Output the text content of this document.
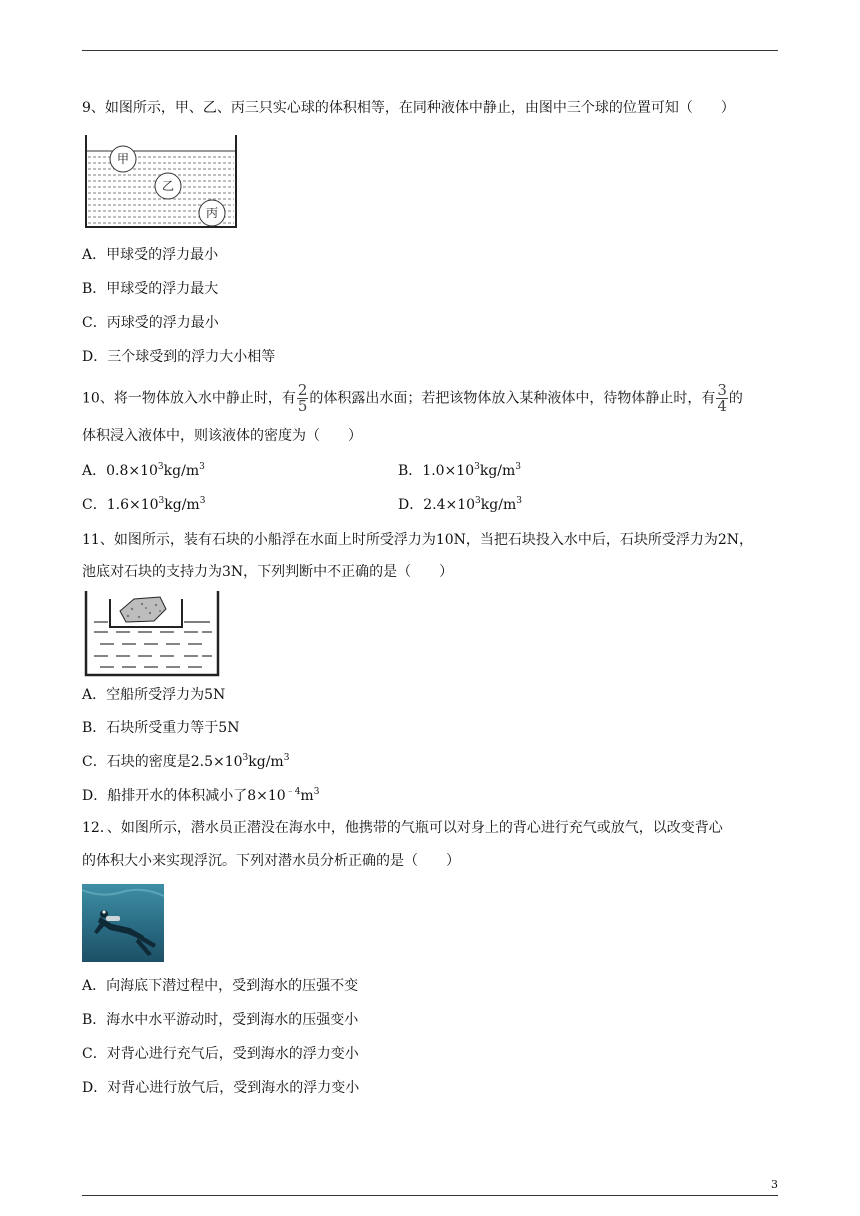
9、如图所示，甲、乙、丙三只实心球的体积相等，在同种液体中静止，由图中三个球的位置可知（　　）
甲
乙
丙
A．甲球受的浮力最小
B．甲球受的浮力最大
C．丙球受的浮力最小
D．三个球受到的浮力大小相等
10、将一物体放入水中静止时，有 $\frac{2}{5}$ 的体积露出水面；若把该物体放入某种液体中，待物体静止时，有 $\frac{3}{4}$ 的
体积浸入液体中，则该液体的密度为（　　）
A．$0.8\times 10^3kg/m^3$	B．$1.0\times 10^3kg/m^3$
C．$1.6\times 10^3kg/m^3$	D．$2.4\times 10^3kg/m^3$
11、如图所示，装有石块的小船浮在水面上时所受浮力为10N，当把石块投入水中后，石块所受浮力为2N，
池底对石块的支持力为3N，下列判断中不正确的是（　　）
A．空船所受浮力为5N
B．石块所受重力等于5N
C．石块的密度是$2.5\times 10^3kg/m^3$
D．船排开水的体积减小了$8\times 10^{﹣4}m^3$
12．、如图所示，潜水员正潜没在海水中，他携带的气瓶可以对身上的背心进行充气或放气，以改变背心
的体积大小来实现浮沉。下列对潜水员分析正确的是（　　）
A．向海底下潜过程中，受到海水的压强不变
B．海水中水平游动时，受到海水的压强变小
C．对背心进行充气后，受到海水的浮力变小
D．对背心进行放气后，受到海水的浮力变小
3
